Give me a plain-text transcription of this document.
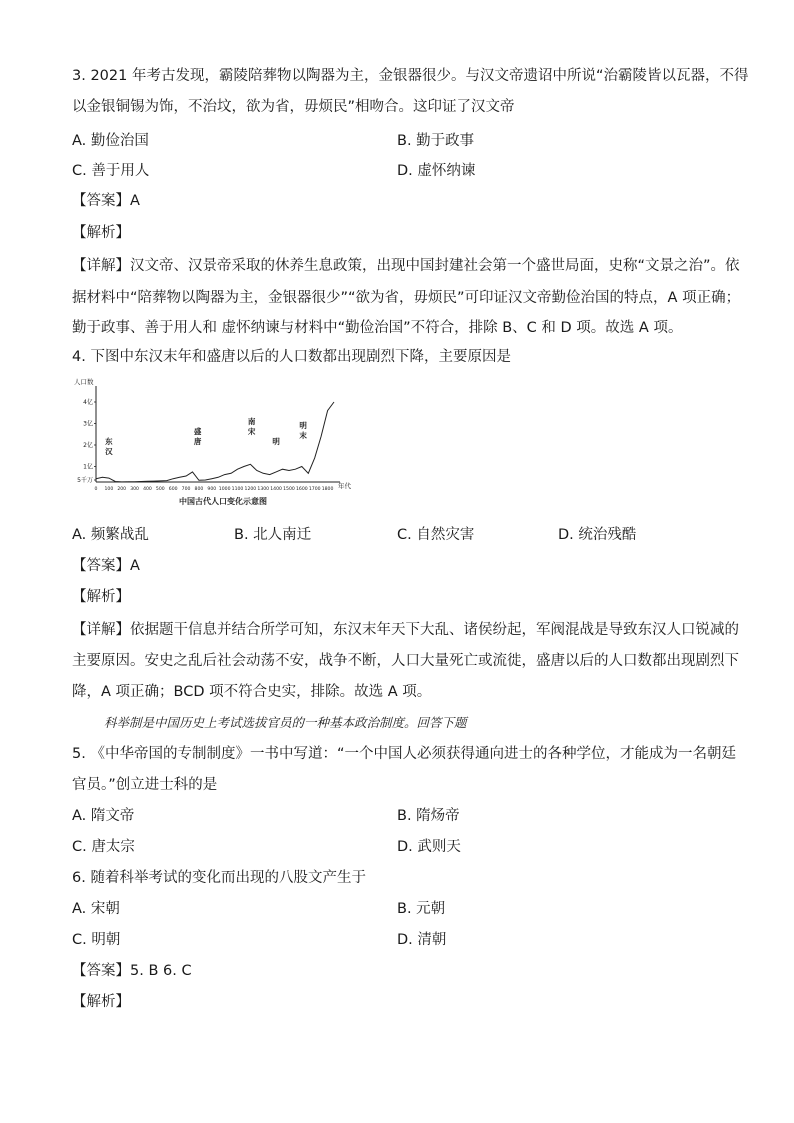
3. 2021 年考古发现，霸陵陪葬物以陶器为主，金银器很少。与汉文帝遗诏中所说“治霸陵皆以瓦器，不得
以金银铜锡为饰，不治坟，欲为省，毋烦民”相吻合。这印证了汉文帝
A. 勤俭治国	B. 勤于政事
C. 善于用人	D. 虚怀纳谏
【答案】A
【解析】
【详解】汉文帝、汉景帝采取的休养生息政策，出现中国封建社会第一个盛世局面，史称“文景之治”。依
据材料中“陪葬物以陶器为主，金银器很少”“欲为省，毋烦民”可印证汉文帝勤俭治国的特点，A 项正确；
勤于政事、善于用人和 虚怀纳谏与材料中“勤俭治国”不符合，排除 B、C 和 D 项。故选 A 项。
4. 下图中东汉末年和盛唐以后的人口数都出现剧烈下降，主要原因是
人口数
5千万
1亿
2亿
3亿
4亿
0 100 200 300 400 500 600 700 800 900 1000 1100 1200 1300 1400 1500 1600 1700 1800 年代
东汉
盛唐
南宋
明
明末
中国古代人口变化示意图
A. 频繁战乱	B. 北人南迁	C. 自然灾害	D. 统治残酷
【答案】A
【解析】
【详解】依据题干信息并结合所学可知，东汉末年天下大乱、诸侯纷起，军阀混战是导致东汉人口锐减的
主要原因。安史之乱后社会动荡不安，战争不断，人口大量死亡或流徙，盛唐以后的人口数都出现剧烈下
降，A 项正确；BCD 项不符合史实，排除。故选 A 项。
科举制是中国历史上考试选拔官员的一种基本政治制度。回答下题
5. 《中华帝国的专制制度》一书中写道：“一个中国人必须获得通向进士的各种学位，才能成为一名朝廷
官员。”创立进士科的是
A. 隋文帝	B. 隋炀帝
C. 唐太宗	D. 武则天
6. 随着科举考试的变化而出现的八股文产生于
A. 宋朝	B. 元朝
C. 明朝	D. 清朝
【答案】5. B 6. C
【解析】
